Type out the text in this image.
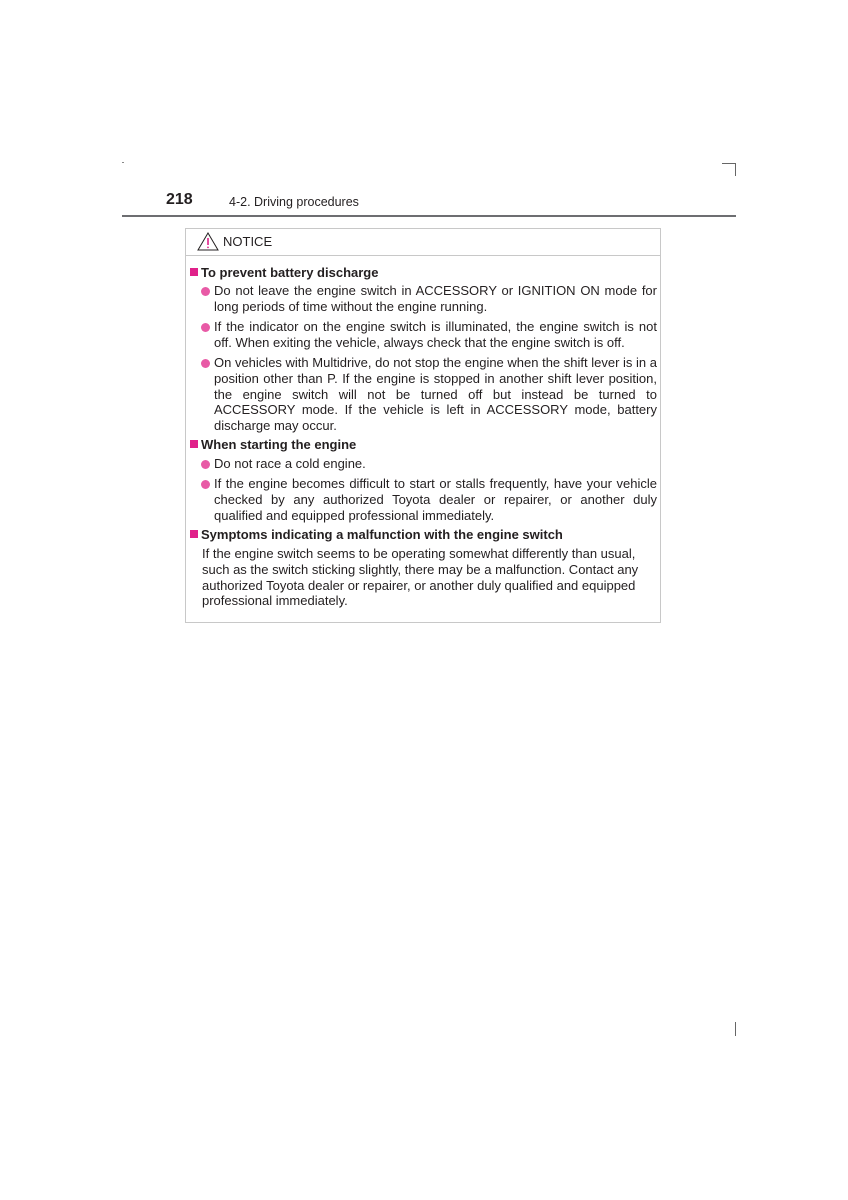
218	4-2. Driving procedures
NOTICE
To prevent battery discharge
Do not leave the engine switch in ACCESSORY or IGNITION ON mode for long periods of time without the engine running.
If the indicator on the engine switch is illuminated, the engine switch is not off. When exiting the vehicle, always check that the engine switch is off.
On vehicles with Multidrive, do not stop the engine when the shift lever is in a position other than P. If the engine is stopped in another shift lever position, the engine switch will not be turned off but instead be turned to ACCESSORY mode. If the vehicle is left in ACCESSORY mode, battery discharge may occur.
When starting the engine
Do not race a cold engine.
If the engine becomes difficult to start or stalls frequently, have your vehicle checked by any authorized Toyota dealer or repairer, or another duly qualified and equipped professional immediately.
Symptoms indicating a malfunction with the engine switch
If the engine switch seems to be operating somewhat differently than usual, such as the switch sticking slightly, there may be a malfunction. Contact any authorized Toyota dealer or repairer, or another duly qualified and equipped professional immediately.
